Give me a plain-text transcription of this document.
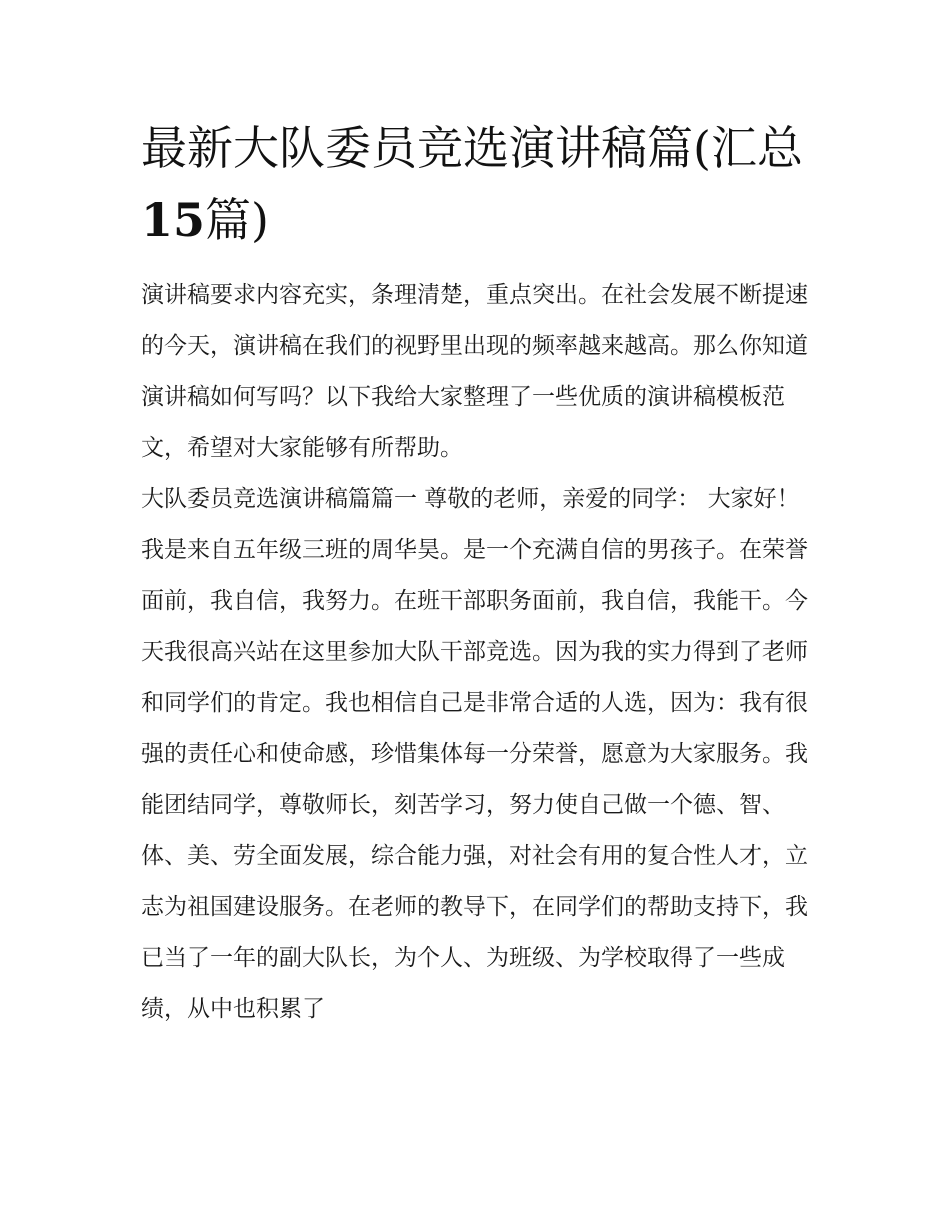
最新大队委员竞选演讲稿篇(汇总15篇)

演讲稿要求内容充实，条理清楚，重点突出。在社会发展不断提速的今天，演讲稿在我们的视野里出现的频率越来越高。那么你知道演讲稿如何写吗？以下我给大家整理了一些优质的演讲稿模板范文，希望对大家能够有所帮助。

大队委员竞选演讲稿篇篇一 尊敬的老师，亲爱的同学： 大家好！

我是来自五年级三班的周华昊。是一个充满自信的男孩子。在荣誉面前，我自信，我努力。在班干部职务面前，我自信，我能干。今天我很高兴站在这里参加大队干部竞选。因为我的实力得到了老师和同学们的肯定。我也相信自己是非常合适的人选，因为：我有很强的责任心和使命感，珍惜集体每一分荣誉，愿意为大家服务。我能团结同学，尊敬师长，刻苦学习，努力使自己做一个德、智、体、美、劳全面发展，综合能力强，对社会有用的复合性人才，立志为祖国建设服务。在老师的教导下，在同学们的帮助支持下，我已当了一年的副大队长，为个人、为班级、为学校取得了一些成绩，从中也积累了
